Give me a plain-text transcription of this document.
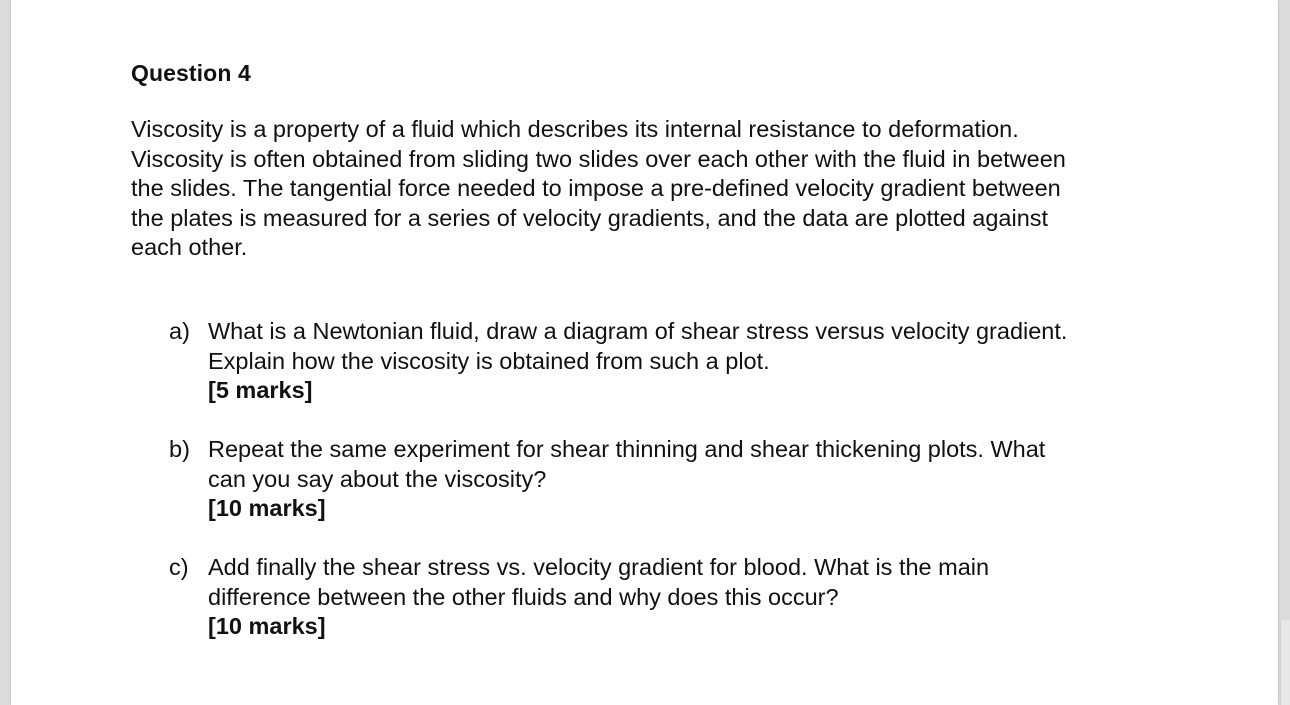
Question 4
Viscosity is a property of a fluid which describes its internal resistance to deformation.
Viscosity is often obtained from sliding two slides over each other with the fluid in between
the slides. The tangential force needed to impose a pre-defined velocity gradient between
the plates is measured for a series of velocity gradients, and the data are plotted against
each other.
a) What is a Newtonian fluid, draw a diagram of shear stress versus velocity gradient.
Explain how the viscosity is obtained from such a plot.
[5 marks]
b) Repeat the same experiment for shear thinning and shear thickening plots. What
can you say about the viscosity?
[10 marks]
c) Add finally the shear stress vs. velocity gradient for blood. What is the main
difference between the other fluids and why does this occur?
[10 marks]
